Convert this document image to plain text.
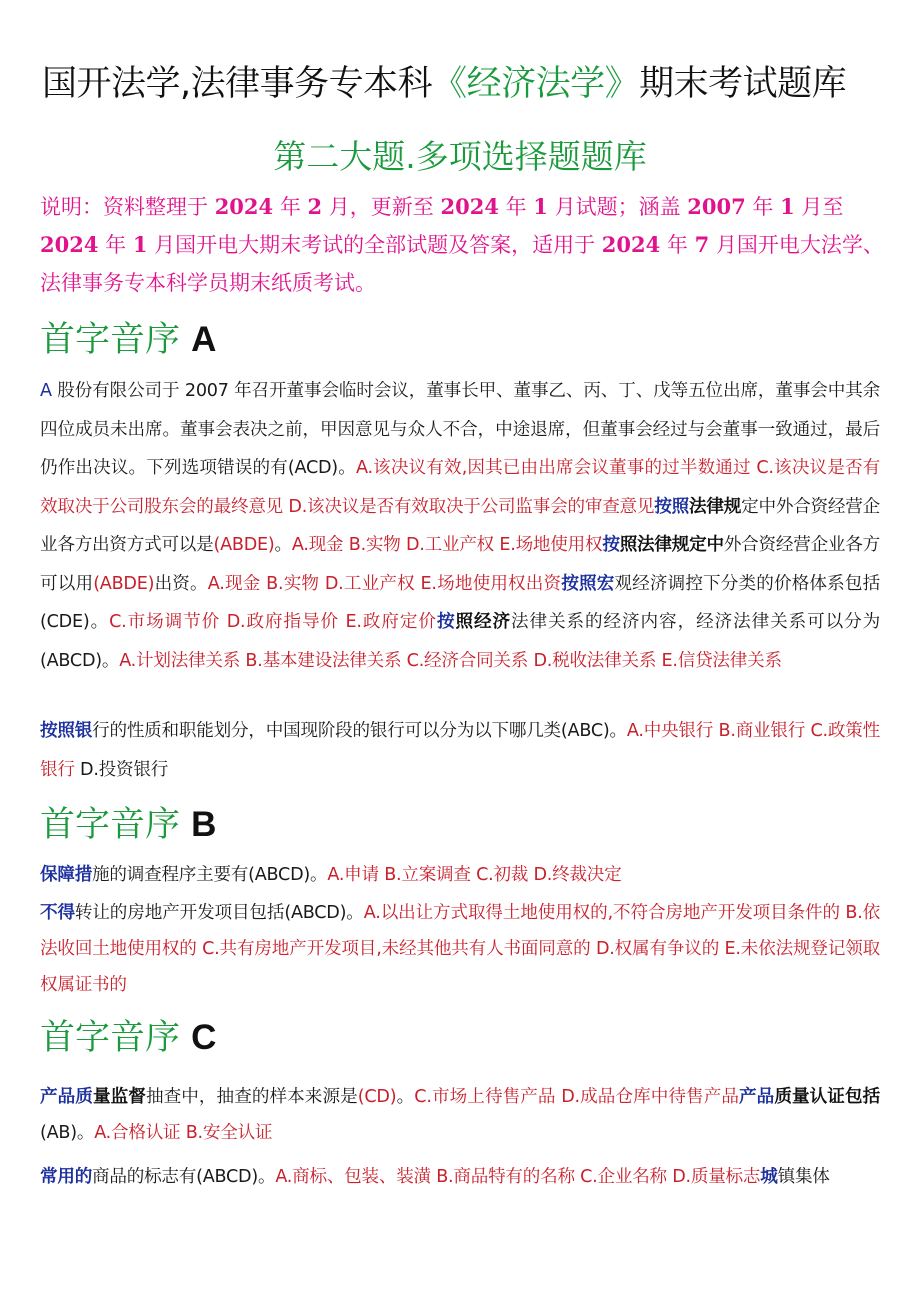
国开法学,法律事务专本科《经济法学》期末考试题库
第二大题.多项选择题题库
说明：资料整理于 2024 年 2 月，更新至 2024 年 1 月试题；涵盖 2007 年 1 月至 2024 年 1 月国开电大期末考试的全部试题及答案，适用于 2024 年 7 月国开电大法学、法律事务专本科学员期末纸质考试。
首字音序 A
A 股份有限公司于 2007 年召开董事会临时会议，董事长甲、董事乙、丙、丁、戊等五位出席，董事会中其余四位成员未出席。董事会表决之前，甲因意见与众人不合，中途退席，但董事会经过与会董事一致通过，最后仍作出决议。下列选项错误的有(ACD)。A.该决议有效,因其已由出席会议董事的过半数通过 C.该决议是否有效取决于公司股东会的最终意见 D.该决议是否有效取决于公司监事会的审查意见按照法律规定中外合资经营企业各方出资方式可以是(ABDE)。A.现金 B.实物 D.工业产权 E.场地使用权按照法律规定中外合资经营企业各方可以用(ABDE)出资。A.现金 B.实物 D.工业产权 E.场地使用权出资按照宏观经济调控下分类的价格体系包括(CDE)。C.市场调节价 D.政府指导价 E.政府定价按照经济法律关系的经济内容，经济法律关系可以分为(ABCD)。A.计划法律关系 B.基本建设法律关系 C.经济合同关系 D.税收法律关系 E.信贷法律关系
按照银行的性质和职能划分，中国现阶段的银行可以分为以下哪几类(ABC)。A.中央银行 B.商业银行 C.政策性银行 D.投资银行
首字音序 B
保障措施的调查程序主要有(ABCD)。A.申请 B.立案调查 C.初裁 D.终裁决定
不得转让的房地产开发项目包括(ABCD)。A.以出让方式取得土地使用权的,不符合房地产开发项目条件的 B.依法收回土地使用权的 C.共有房地产开发项目,未经其他共有人书面同意的 D.权属有争议的 E.未依法规登记领取权属证书的
首字音序 C
产品质量监督抽查中，抽查的样本来源是(CD)。C.市场上待售产品 D.成品仓库中待售产品产品质量认证包括(AB)。A.合格认证 B.安全认证
常用的商品的标志有(ABCD)。A.商标、包装、装潢 B.商品特有的名称 C.企业名称 D.质量标志城镇集体
